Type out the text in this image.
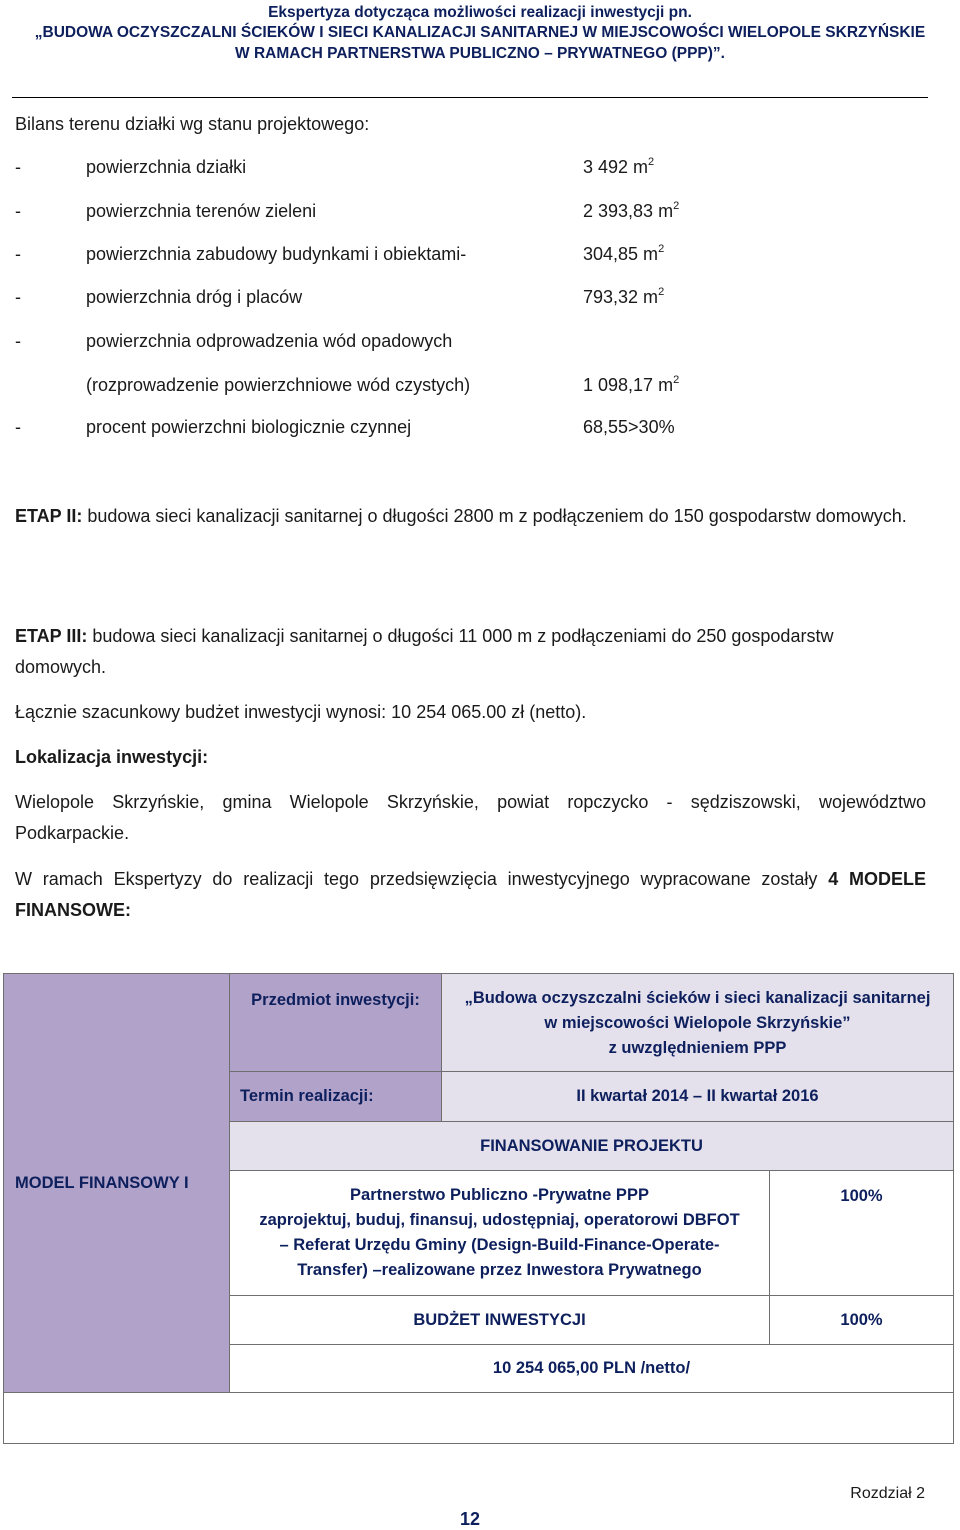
Ekspertyza dotycząca możliwości realizacji inwestycji pn.
„BUDOWA OCZYSZCZALNI ŚCIEKÓW I SIECI KANALIZACJI SANITARNEJ W MIEJSCOWOŚCI WIELOPOLE SKRZYŃSKIE
W RAMACH PARTNERSTWA PUBLICZNO – PRYWATNEGO (PPP)”.
Bilans terenu działki wg stanu projektowego:
-	powierzchnia działki	3 492 $m^2$
-	powierzchnia terenów zieleni	2 393,83 $m^2$
-	powierzchnia zabudowy budynkami i obiektami-	304,85 $m^2$
-	powierzchnia dróg i placów	793,32 $m^2$
-	powierzchnia odprowadzenia wód opadowych
(rozprowadzenie powierzchniowe wód czystych)	1 098,17 $m^2$
-	procent powierzchni biologicznie czynnej	68,55>30%
ETAP II: budowa sieci kanalizacji sanitarnej o długości 2800 m z podłączeniem do 150 gospodarstw domowych.
ETAP III: budowa sieci kanalizacji sanitarnej o długości 11 000 m z podłączeniami do 250 gospodarstw domowych.
Łącznie szacunkowy budżet inwestycji wynosi: 10 254 065.00 zł (netto).
Lokalizacja inwestycji:
Wielopole Skrzyńskie, gmina Wielopole Skrzyńskie, powiat ropczycko - sędziszowski, województwo Podkarpackie.
W ramach Ekspertyzy do realizacji tego przedsięwzięcia inwestycyjnego wypracowane zostały 4 MODELE FINANSOWE:
MODEL FINANSOWY I
Przedmiot inwestycji:	„Budowa oczyszczalni ścieków i sieci kanalizacji sanitarnej
w miejscowości Wielopole Skrzyńskie”
z uwzględnieniem PPP
Termin realizacji:	II kwartał 2014 – II kwartał 2016
FINANSOWANIE PROJEKTU
Partnerstwo Publiczno -Prywatne PPP
zaprojektuj, buduj, finansuj, udostępniaj, operatorowi DBFOT
– Referat Urzędu Gminy (Design-Build-Finance-Operate-
Transfer) –realizowane przez Inwestora Prywatnego
100%
BUDŻET INWESTYCJI	100%
10 254 065,00 PLN /netto/
Rozdział 2
12
